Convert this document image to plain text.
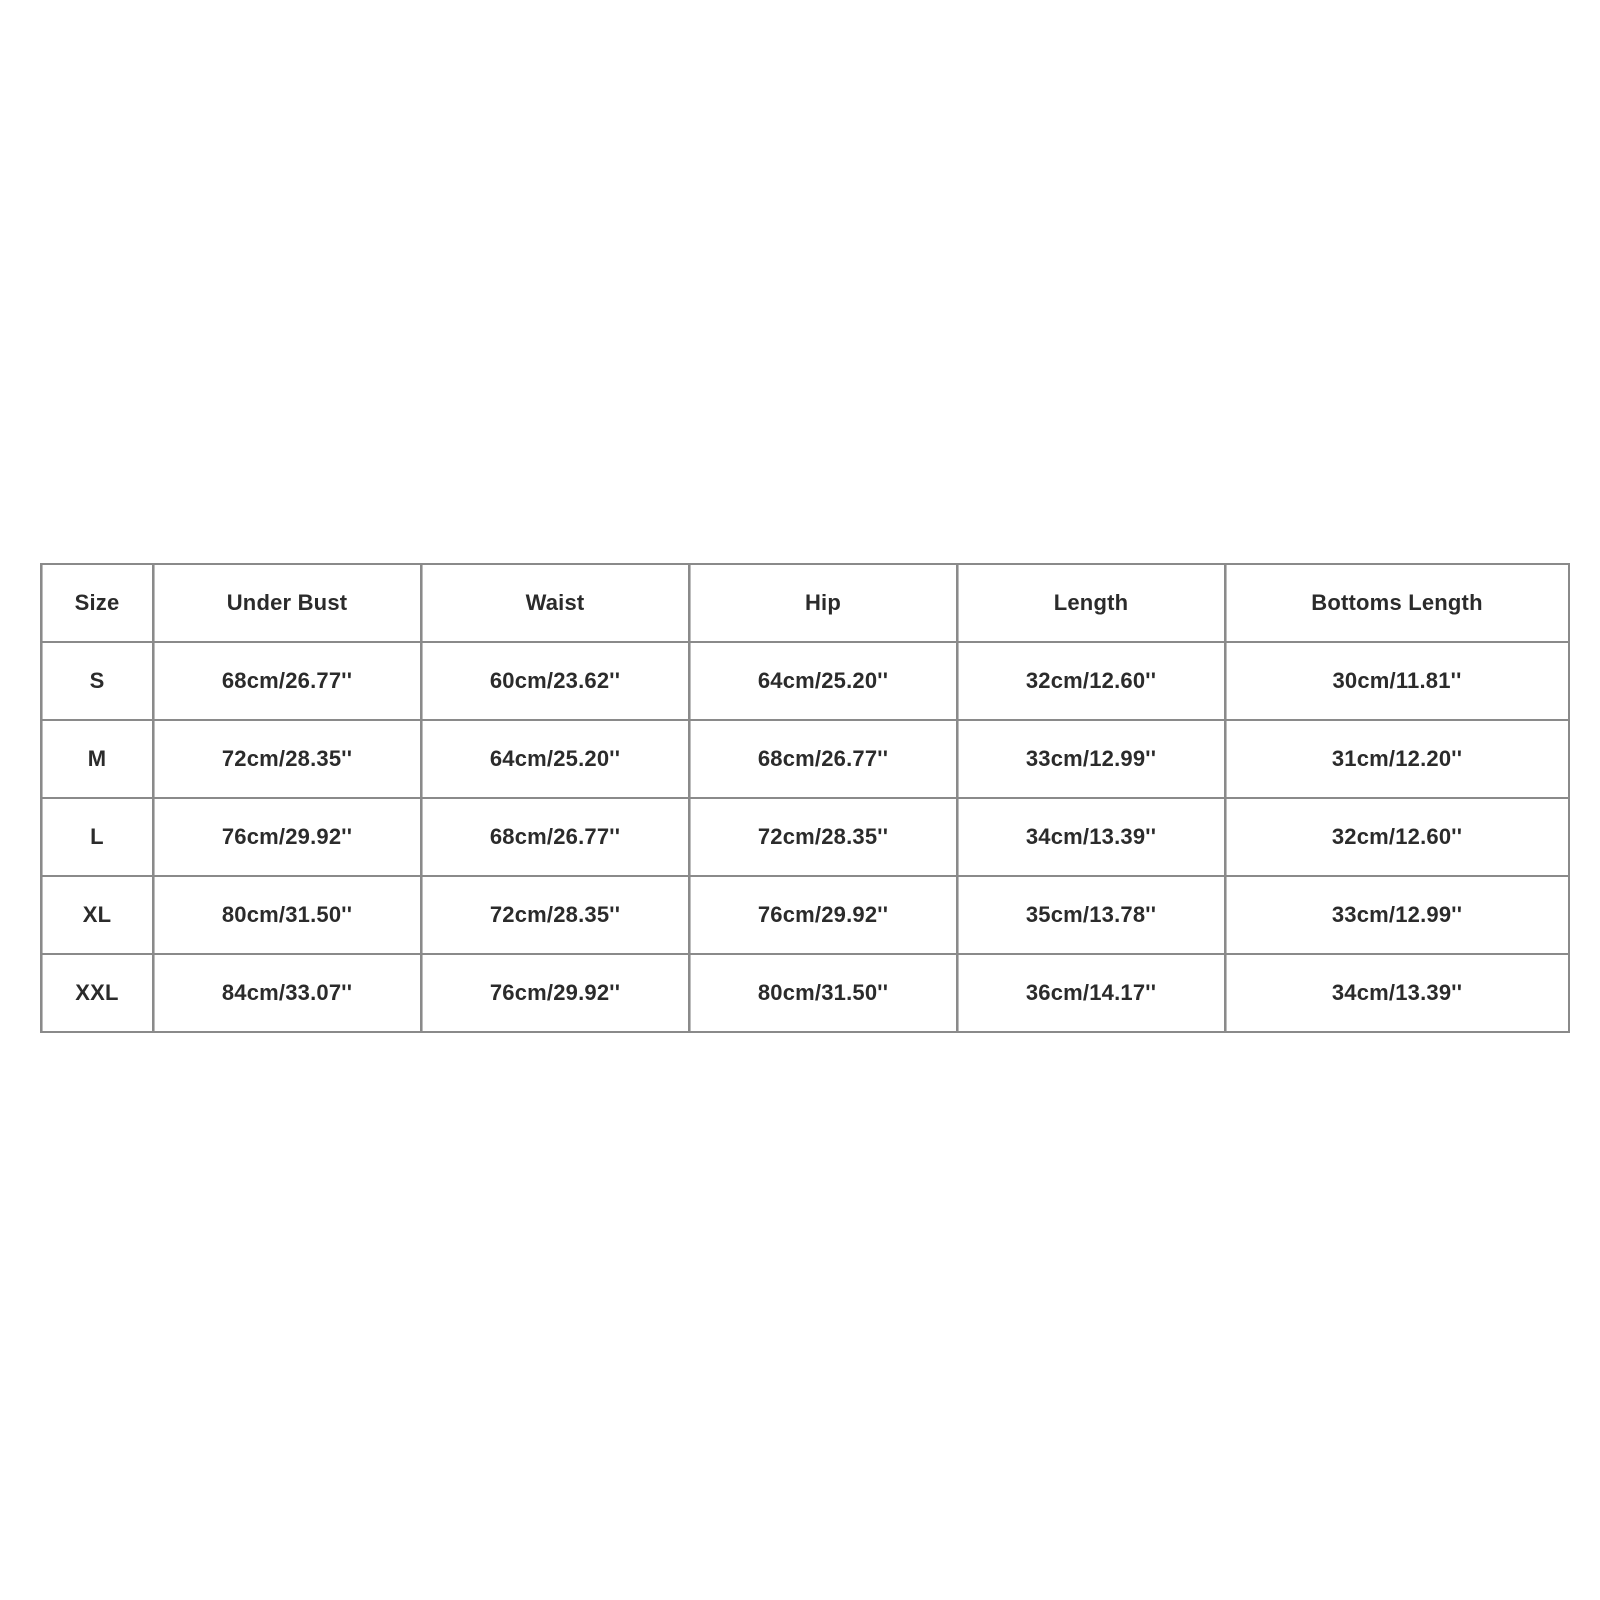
Size	Under Bust	Waist	Hip	Length	Bottoms Length
S	68cm/26.77''	60cm/23.62''	64cm/25.20''	32cm/12.60''	30cm/11.81''
M	72cm/28.35''	64cm/25.20''	68cm/26.77''	33cm/12.99''	31cm/12.20''
L	76cm/29.92''	68cm/26.77''	72cm/28.35''	34cm/13.39''	32cm/12.60''
XL	80cm/31.50''	72cm/28.35''	76cm/29.92''	35cm/13.78''	33cm/12.99''
XXL	84cm/33.07''	76cm/29.92''	80cm/31.50''	36cm/14.17''	34cm/13.39''
